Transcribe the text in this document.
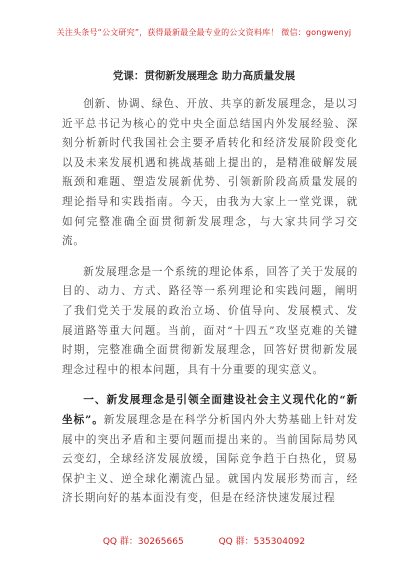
关注头条号“公文研究”，获得最新最全最专业的公文资料库！ 微信：gongwenyj
党课：贯彻新发展理念 助力高质量发展

创新、协调、绿色、开放、共享的新发展理念，是以习近平总书记为核心的党中央全面总结国内外发展经验、深刻分析新时代我国社会主要矛盾转化和经济发展阶段变化以及未来发展机遇和挑战基础上提出的，是精准破解发展瓶颈和难题、塑造发展新优势、引领新阶段高质量发展的理论指导和实践指南。今天，由我为大家上一堂党课，就如何完整准确全面贯彻新发展理念，与大家共同学习交流。

新发展理念是一个系统的理论体系，回答了关于发展的目的、动力、方式、路径等一系列理论和实践问题，阐明了我们党关于发展的政治立场、价值导向、发展模式、发展道路等重大问题。当前，面对“十四五”攻坚克难的关键时期，完整准确全面贯彻新发展理念，回答好贯彻新发展理念过程中的根本问题，具有十分重要的现实意义。

一、新发展理念是引领全面建设社会主义现代化的“新坐标”。新发展理念是在科学分析国内外大势基础上针对发展中的突出矛盾和主要问题而提出来的。当前国际局势风云变幻，全球经济发展放缓，国际竞争趋于白热化，贸易保护主义、逆全球化潮流凸显。就国内发展形势而言，经济长期向好的基本面没有变，但是在经济快速发展过程

QQ 群：30265665	QQ 群：535304092
